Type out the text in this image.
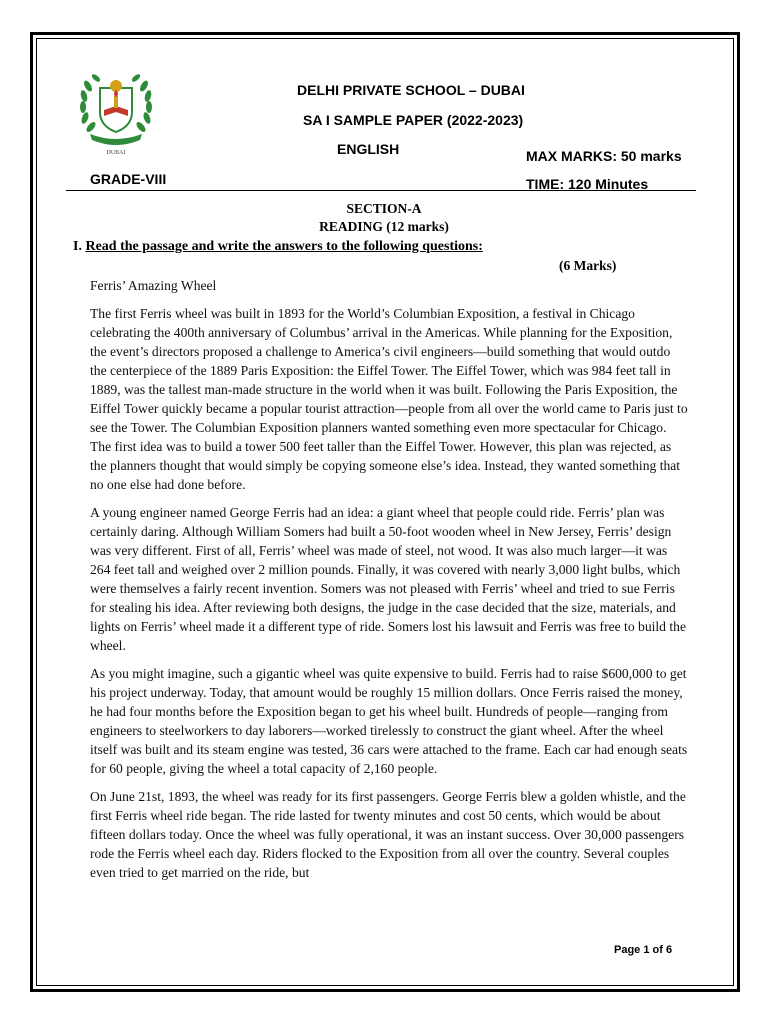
DUBAI
DELHI PRIVATE SCHOOL – DUBAI
SA I SAMPLE PAPER (2022-2023)
ENGLISH	MAX MARKS: 50 marks
GRADE-VIII	TIME: 120 Minutes
SECTION-A
READING (12 marks)
I. Read the passage and write the answers to the following questions:
(6 Marks)

Ferris’ Amazing Wheel

The first Ferris wheel was built in 1893 for the World’s Columbian Exposition, a festival in Chicago celebrating the 400th anniversary of Columbus’ arrival in the Americas. While planning for the Exposition, the event’s directors proposed a challenge to America’s civil engineers—build something that would outdo the centerpiece of the 1889 Paris Exposition: the Eiffel Tower. The Eiffel Tower, which was 984 feet tall in 1889, was the tallest man-made structure in the world when it was built. Following the Paris Exposition, the Eiffel Tower quickly became a popular tourist attraction—people from all over the world came to Paris just to see the Tower. The Columbian Exposition planners wanted something even more spectacular for Chicago. The first idea was to build a tower 500 feet taller than the Eiffel Tower. However, this plan was rejected, as the planners thought that would simply be copying someone else’s idea. Instead, they wanted something that no one else had done before.

A young engineer named George Ferris had an idea: a giant wheel that people could ride. Ferris’ plan was certainly daring. Although William Somers had built a 50-foot wooden wheel in New Jersey, Ferris’ design was very different. First of all, Ferris’ wheel was made of steel, not wood. It was also much larger—it was 264 feet tall and weighed over 2 million pounds. Finally, it was covered with nearly 3,000 light bulbs, which were themselves a fairly recent invention. Somers was not pleased with Ferris’ wheel and tried to sue Ferris for stealing his idea. After reviewing both designs, the judge in the case decided that the size, materials, and lights on Ferris’ wheel made it a different type of ride. Somers lost his lawsuit and Ferris was free to build the wheel.

As you might imagine, such a gigantic wheel was quite expensive to build. Ferris had to raise $600,000 to get his project underway. Today, that amount would be roughly 15 million dollars. Once Ferris raised the money, he had four months before the Exposition began to get his wheel built. Hundreds of people—ranging from engineers to steelworkers to day laborers—worked tirelessly to construct the giant wheel. After the wheel itself was built and its steam engine was tested, 36 cars were attached to the frame. Each car had enough seats for 60 people, giving the wheel a total capacity of 2,160 people.

On June 21st, 1893, the wheel was ready for its first passengers. George Ferris blew a golden whistle, and the first Ferris wheel ride began. The ride lasted for twenty minutes and cost 50 cents, which would be about fifteen dollars today. Once the wheel was fully operational, it was an instant success. Over 30,000 passengers rode the Ferris wheel each day. Riders flocked to the Exposition from all over the country. Several couples even tried to get married on the ride, but

Page 1 of 6
